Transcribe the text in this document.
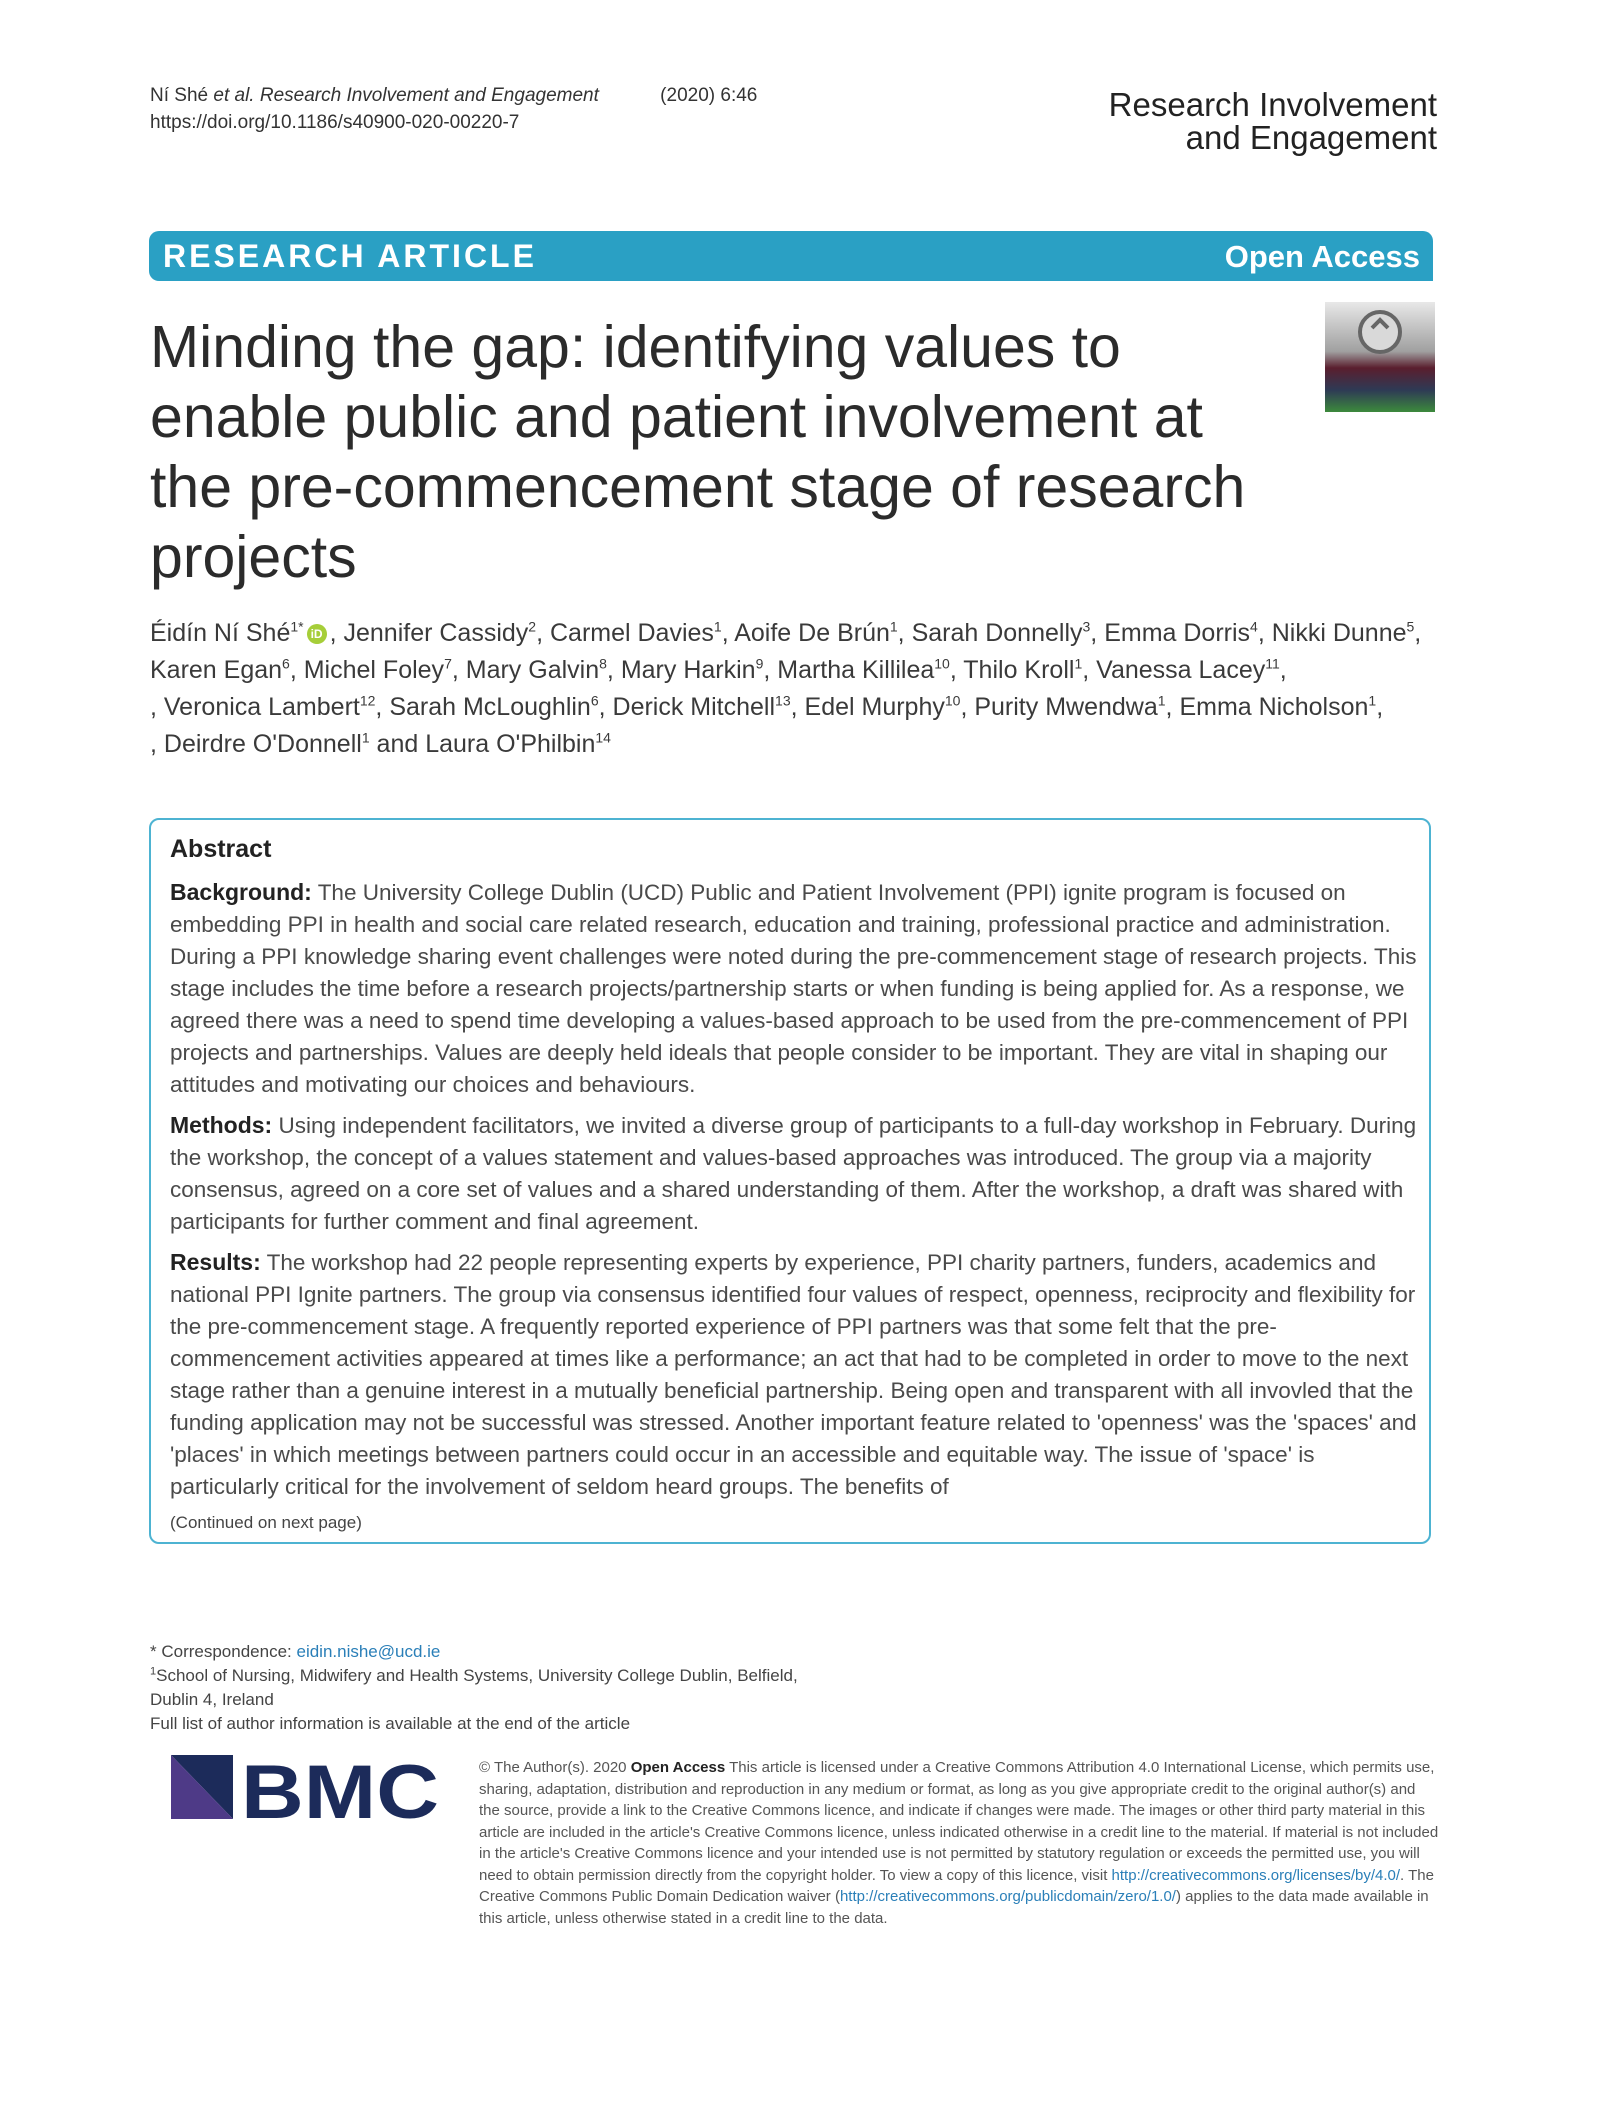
Ní Shé et al. Research Involvement and Engagement	(2020) 6:46
https://doi.org/10.1186/s40900-020-00220-7	Research Involvement
and Engagement
RESEARCH ARTICLE	Open Access
Minding the gap: identifying values to enable public and patient involvement at the pre-commencement stage of research projects
Éidín Ní Shé$^{1*}$ iD , Jennifer Cassidy$^2$, Carmel Davies$^1$, Aoife De Brún$^1$, Sarah Donnelly$^3$, Emma Dorris$^4$, Nikki Dunne$^5$, Karen Egan$^6$, Michel Foley$^7$, Mary Galvin$^8$, Mary Harkin$^9$, Martha Killilea$^{10}$, Thilo Kroll$^1$, Vanessa Lacey$^{11}$,
, Veronica Lambert$^{12}$, Sarah McLoughlin$^6$, Derick Mitchell$^{13}$, Edel Murphy$^{10}$, Purity Mwendwa$^1$, Emma Nicholson$^1$,
, Deirdre O'Donnell$^1$ and Laura O'Philbin$^{14}$
Abstract

Background: The University College Dublin (UCD) Public and Patient Involvement (PPI) ignite program is focused on embedding PPI in health and social care related research, education and training, professional practice and administration. During a PPI knowledge sharing event challenges were noted during the pre-commencement stage of research projects. This stage includes the time before a research projects/partnership starts or when funding is being applied for. As a response, we agreed there was a need to spend time developing a values-based approach to be used from the pre-commencement of PPI projects and partnerships. Values are deeply held ideals that people consider to be important. They are vital in shaping our attitudes and motivating our choices and behaviours.

Methods: Using independent facilitators, we invited a diverse group of participants to a full-day workshop in February. During the workshop, the concept of a values statement and values-based approaches was introduced. The group via a majority consensus, agreed on a core set of values and a shared understanding of them. After the workshop, a draft was shared with participants for further comment and final agreement.

Results: The workshop had 22 people representing experts by experience, PPI charity partners, funders, academics and national PPI Ignite partners. The group via consensus identified four values of respect, openness, reciprocity and flexibility for the pre-commencement stage. A frequently reported experience of PPI partners was that some felt that the pre-commencement activities appeared at times like a performance; an act that had to be completed in order to move to the next stage rather than a genuine interest in a mutually beneficial partnership. Being open and transparent with all invovled that the funding application may not be successful was stressed. Another important feature related to 'openness' was the 'spaces' and 'places' in which meetings between partners could occur in an accessible and equitable way. The issue of 'space' is particularly critical for the involvement of seldom heard groups. The benefits of

(Continued on next page)
* Correspondence: eidin.nishe@ucd.ie
$^1$School of Nursing, Midwifery and Health Systems, University College Dublin, Belfield, Dublin 4, Ireland
Full list of author information is available at the end of the article
BMC	© The Author(s). 2020 Open Access This article is licensed under a Creative Commons Attribution 4.0 International License, which permits use, sharing, adaptation, distribution and reproduction in any medium or format, as long as you give appropriate credit to the original author(s) and the source, provide a link to the Creative Commons licence, and indicate if changes were made. The images or other third party material in this article are included in the article's Creative Commons licence, unless indicated otherwise in a credit line to the material. If material is not included in the article's Creative Commons licence and your intended use is not permitted by statutory regulation or exceeds the permitted use, you will need to obtain permission directly from the copyright holder. To view a copy of this licence, visit http://creativecommons.org/licenses/by/4.0/. The Creative Commons Public Domain Dedication waiver (http://creativecommons.org/publicdomain/zero/1.0/) applies to the data made available in this article, unless otherwise stated in a credit line to the data.
